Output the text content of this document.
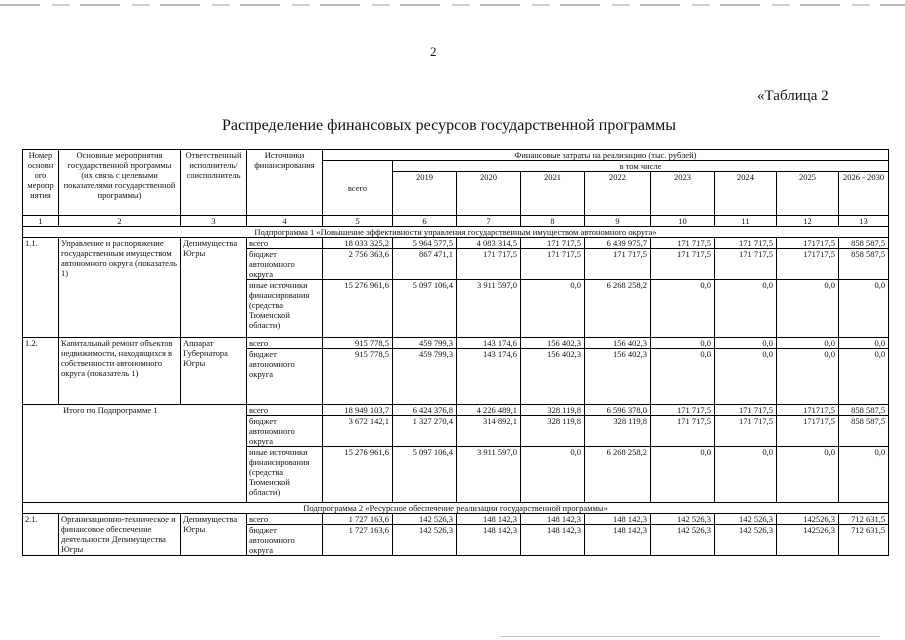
2
«Таблица 2
Распределение финансовых ресурсов государственной программы
Номер основн ого меропр иятия	Основные мероприятия государственной программы (их связь с целевыми показателями государственной программы)	Ответственный исполнитель/ соисполнитель	Источники финансирования	Финансовые затраты на реализацию (тыс. рублей)								
				всего	в том числе							
					2019	2020	2021	2022	2023	2024	2025	2026 - 2030
1	2	3	4	5	6	7	8	9	10	11	12	13
Подпрограмма 1 «Повышение эффективности управления государственным имуществом автономного округа»												
1.1.	Управление и распоряжение государственным имуществом автономного округа (показатель 1)	Депимущества Югры	всего	18 033 325,2	5 964 577,5	4 083 314,5	171 717,5	6 439 975,7	171 717,5	171 717,5	171717,5	858 587,5
			бюджет автономного округа	2 756 363,6	867 471,1	171 717,5	171 717,5	171 717,5	171 717,5	171 717,5	171717,5	858 587,5
			иные источники финансирования (средства Тюменской области)	15 276 961,6	5 097 106,4	3 911 597,0	0,0	6 268 258,2	0,0	0,0	0,0	0,0
1.2.	Капитальный ремонт объектов недвижимости, находящихся в собственности автономного округа (показатель 1)	Аппарат Губернатора Югры	всего	915 778,5	459 799,3	143 174,6	156 402,3	156 402,3	0,0	0,0	0,0	0,0
			бюджет автономного округа	915 778,5	459 799,3	143 174,6	156 402,3	156 402,3	0,0	0,0	0,0	0,0
Итого по Подпрограмме 1			всего	18 949 103,7	6 424 376,8	4 226 489,1	328 119,8	6 596 378,0	171 717,5	171 717,5	171717,5	858 587,5
			бюджет автономного округа	3 672 142,1	1 327 270,4	314 892,1	328 119,8	328 119,8	171 717,5	171 717,5	171717,5	858 587,5
			иные источники финансирования (средства Тюменской области)	15 276 961,6	5 097 106,4	3 911 597,0	0,0	6 268 258,2	0,0	0,0	0,0	0,0
Подпрограмма 2 «Ресурсное обеспечение реализации государственной программы»												
2.1.	Организационно-техническое и финансовое обеспечение деятельности Депимущества Югры	Депимущества Югры	всего	1 727 163,6	142 526,3	148 142,3	148 142,3	148 142,3	142 526,3	142 526,3	142526,3	712 631,5
			бюджет автономного округа	1 727 163,6	142 526,3	148 142,3	148 142,3	148 142,3	142 526,3	142 526,3	142526,3	712 631,5
